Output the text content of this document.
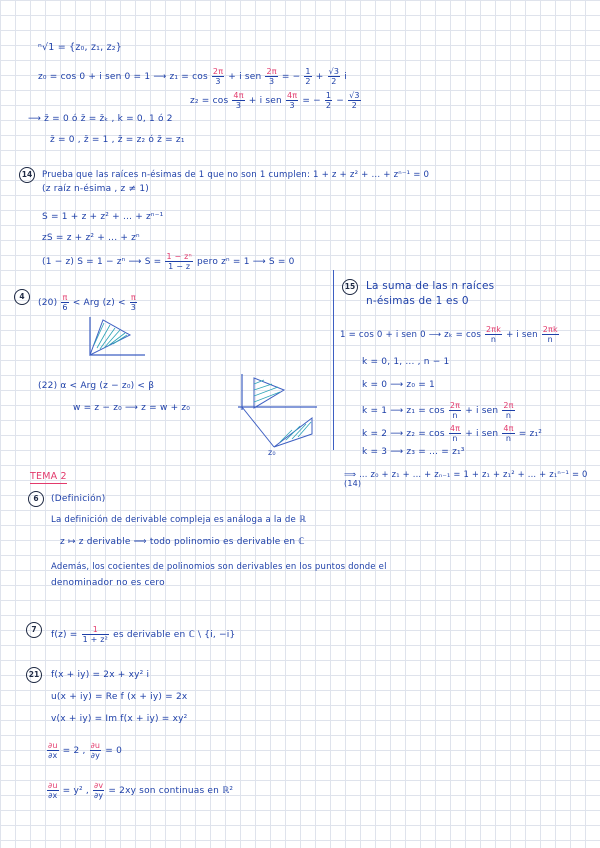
ⁿ√1 = {z₀, z₁, z₂}
z₀ = cos 0 + i sen 0 = 1 ⟶ $z_1 = \cos \frac{2\pi}{3} + i$ sen $\frac{2\pi}{3}$ = − $\frac{1}{2} + \frac{√3}{2}$ i
$z_2 = \cos \frac{4\pi}{3} + i$ sen $\frac{4\pi}{3}$ = − $\frac{1}{2} - \frac{√3}{2}$
⟶ z̄ = 0 ó z̄ = z̄ₖ , k = 0, 1 ó 2
z̄ = 0 , z̄ = 1 , z̄ = z₂ ó z̄ = z₁
14	Prueba que las raíces n-ésimas de 1 que no son 1 cumplen: 1 + z + z² + ... + zⁿ⁻¹ = 0
(z raíz n-ésima , z ≠ 1)
S = 1 + z + z² + ... + zⁿ⁻¹
zS = z + z² + ... + zⁿ
(1 − z) S = 1 − zⁿ ⟶ $S = \frac{\text{1 − zⁿ}}{1 - z}$ pero zⁿ = 1 ⟶ S = 0
4
$(20) \frac{\pi}{6}$ < Arg $(z) < \frac{\pi}{3}$
(22) α < Arg (z − z₀) < β
w = z − z₀ ⟶ z = w + z₀
z₀
15 La suma de las n raíces
n-ésimas de 1 es 0
1 = cos 0 + i sen 0 ⟶ $z_k = \cos \frac{2\pi k}{n} + i$ sen $\frac{2\pi k}{n}$
k = 0, 1, ... , n − 1
k = 0 ⟶ z₀ = 1
k = 1 ⟶ $z_1 = \cos \frac{2\pi}{n} + i$ sen $\frac{2\pi}{n}$
k = 2 ⟶ $z_2 = \cos \frac{4\pi}{n} + i$ sen $\frac{4\pi}{n} = z_1^2$
k = 3 ⟶ z₃ = ... = z₁³
⟹ ... z₀ + z₁ + ... + zₙ₋₁ = 1 + z₁ + z₁² + ... + z₁ⁿ⁻¹ = 0
(14)
TEMA 2
6	(Definición)
La definición de derivable compleja es análoga a la de ℝ
z ↦ z derivable ⟹ todo polinomio es derivable en ℂ
Además, los cocientes de polinomios son derivables en los puntos donde el
denominador no es cero
7
$f(z) = \frac{1}{\text{1 + z²}}$ es derivable en ℂ \ {i, −i}
21	f(x + iy) = 2x + xy² i
u(x + iy) = Re f (x + iy) = 2x
v(x + iy) = Im f(x + iy) = xy²
$\frac{\partial u}{\partial x} = 2$ , $\frac{\partial u}{\partial y} = 0$
$\frac{\partial u}{\partial x} = y^2$ , $\frac{\partial v}{\partial y} = 2xy$ son continuas en ℝ²
